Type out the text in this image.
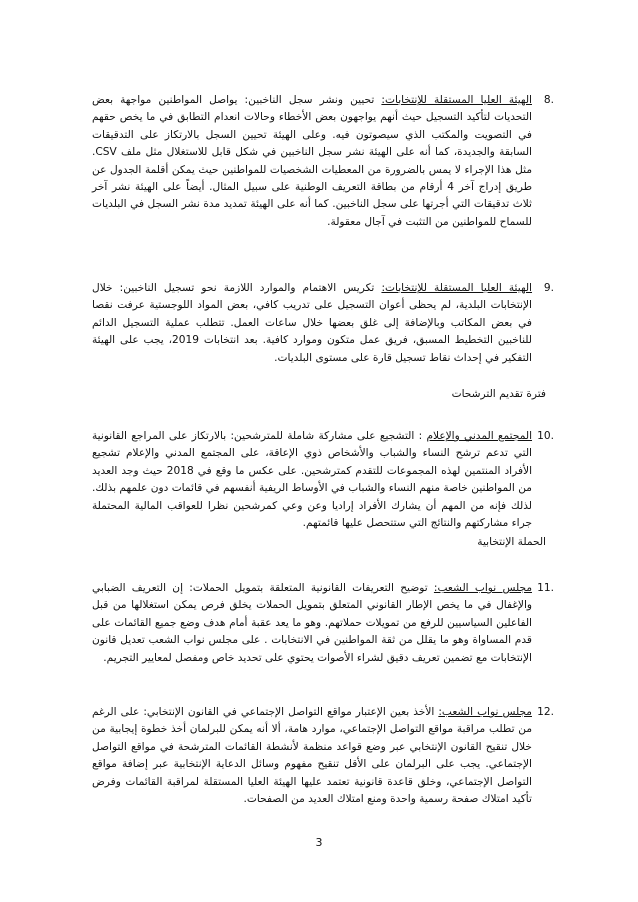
8.
الهيئة العليا المستقلة للإنتخابات: تحيين ونشر سجل الناخبين: يواصل المواطنين مواجهة بعض التحديات لتأكيد التسجيل حيث أنهم يواجهون بعض الأخطاء وحالات انعدام التطابق في ما يخص حقهم في التصويت والمكتب الذي سيصوتون فيه. وعلى الهيئة تحيين السجل بالارتكاز على التدقيقات السابقة والجديدة، كما أنه على الهيئة نشر سجل الناخبين في شكل قابل للاستغلال مثل ملف CSV. مثل هذا الإجراء لا يمس بالضرورة من المعطيات الشخصيات للمواطنين حيث يمكن أقلمة الجدول عن طريق إدراج آخر 4 أرقام من بطاقة التعريف الوطنية على سبيل المثال. أيضاً على الهيئة نشر آخر ثلاث تدقيقات التي أجرتها على سجل الناخبين. كما أنه على الهيئة تمديد مدة نشر السجل في البلديات للسماح للمواطنين من التثبت في آجال معقولة.
9.
الهيئة العليا المستقلة للإنتخابات: تكريس الاهتمام والموارد اللازمة نحو تسجيل الناخبين: خلال الإنتخابات البلدية، لم يحظى أعوان التسجيل على تدريب كافي، بعض المواد اللوجستية عرفت نقصا في بعض المكاتب وبالإضافة إلى غلق بعضها خلال ساعات العمل. تتطلب عملية التسجيل الدائم للناخبين التخطيط المسبق، فريق عمل متكون وموارد كافية. بعد انتخابات 2019، يجب على الهيئة التفكير في إحداث نقاط تسجيل قارة على مستوى البلديات.
فترة تقديم الترشحات
10.
المجتمع المدني والإعلام : التشجيع على مشاركة شاملة للمترشحين: بالارتكاز على المراجع القانونية التي تدعم ترشح النساء والشباب والأشخاص ذوي الإعاقة، على المجتمع المدني والإعلام تشجيع الأفراد المنتمين لهذه المجموعات للتقدم كمترشحين. على عكس ما وقع في 2018 حيث وجد العديد من المواطنين خاصة منهم النساء والشباب في الأوساط الريفية أنفسهم في قائمات دون علمهم بذلك. لذلك فإنه من المهم أن يشارك الأفراد إراديا وعن وعي كمرشحين نظرا للعواقب المالية المحتملة جراء مشاركتهم والنتائج التي ستتحصل عليها قائمتهم.
الحملة الإنتخابية
11.
مجلس نواب الشعب: توضيح التعريفات القانونية المتعلقة بتمويل الحملات: إن التعريف الضبابي والإغفال في ما يخص الإطار القانوني المتعلق بتمويل الحملات يخلق فرص يمكن استغلالها من قبل الفاعلين السياسيين للرفع من تمويلات حملاتهم. وهو ما يعد عقبة أمام هدف وضع جميع القائمات على قدم المساواة وهو ما يقلل من ثقة المواطنين في الانتخابات . على مجلس نواب الشعب تعديل قانون الإنتخابات مع تضمين تعريف دقيق لشراء الأصوات يحتوي على تحديد خاص ومفصل لمعايير التجريم.
12.
مجلس نواب الشعب: الأخذ بعين الإعتبار مواقع التواصل الإجتماعي في القانون الإنتخابي: على الرغم من تطلب مراقبة مواقع التواصل الإجتماعي، موارد هامة، ألا أنه يمكن للبرلمان أخذ خطوة إيجابية من خلال تنقيح القانون الإنتخابي عبر وضع قواعد منظمة لأنشطة القائمات المترشحة في مواقع التواصل الإجتماعي. يجب على البرلمان على الأقل تنقيح مفهوم وسائل الدعاية الإنتخابية عبر إضافة مواقع التواصل الإجتماعي، وخلق قاعدة قانونية تعتمد عليها الهيئة العليا المستقلة لمراقبة القائمات وفرض تأكيد امتلاك صفحة رسمية واحدة ومنع امتلاك العديد من الصفحات.
3
